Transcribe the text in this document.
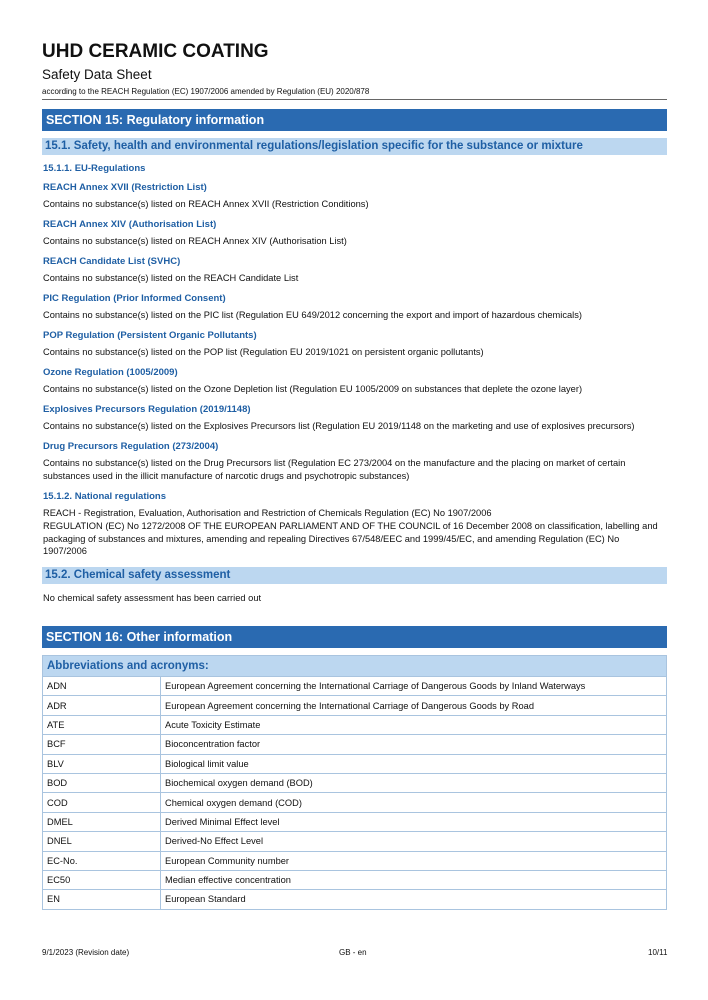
UHD CERAMIC COATING
Safety Data Sheet
according to the REACH Regulation (EC) 1907/2006 amended by Regulation (EU) 2020/878
SECTION 15: Regulatory information
15.1. Safety, health and environmental regulations/legislation specific for the substance or mixture
15.1.1. EU-Regulations
REACH Annex XVII (Restriction List)
Contains no substance(s) listed on REACH Annex XVII (Restriction Conditions)
REACH Annex XIV (Authorisation List)
Contains no substance(s) listed on REACH Annex XIV (Authorisation List)
REACH Candidate List (SVHC)
Contains no substance(s) listed on the REACH Candidate List
PIC Regulation (Prior Informed Consent)
Contains no substance(s) listed on the PIC list (Regulation EU 649/2012 concerning the export and import of hazardous chemicals)
POP Regulation (Persistent Organic Pollutants)
Contains no substance(s) listed on the POP list (Regulation EU 2019/1021 on persistent organic pollutants)
Ozone Regulation (1005/2009)
Contains no substance(s) listed on the Ozone Depletion list (Regulation EU 1005/2009 on substances that deplete the ozone layer)
Explosives Precursors Regulation (2019/1148)
Contains no substance(s) listed on the Explosives Precursors list (Regulation EU 2019/1148 on the marketing and use of explosives precursors)
Drug Precursors Regulation (273/2004)
Contains no substance(s) listed on the Drug Precursors list (Regulation EC 273/2004 on the manufacture and the placing on market of certain substances used in the illicit manufacture of narcotic drugs and psychotropic substances)
15.1.2. National regulations
REACH - Registration, Evaluation, Authorisation and Restriction of Chemicals Regulation (EC) No 1907/2006
REGULATION (EC) No 1272/2008 OF THE EUROPEAN PARLIAMENT AND OF THE COUNCIL of 16 December 2008 on classification, labelling and packaging of substances and mixtures, amending and repealing Directives 67/548/EEC and 1999/45/EC, and amending Regulation (EC) No 1907/2006
15.2. Chemical safety assessment
No chemical safety assessment has been carried out
SECTION 16: Other information
Abbreviations and acronyms:	
ADN	European Agreement concerning the International Carriage of Dangerous Goods by Inland Waterways
ADR	European Agreement concerning the International Carriage of Dangerous Goods by Road
ATE	Acute Toxicity Estimate
BCF	Bioconcentration factor
BLV	Biological limit value
BOD	Biochemical oxygen demand (BOD)
COD	Chemical oxygen demand (COD)
DMEL	Derived Minimal Effect level
DNEL	Derived-No Effect Level
EC-No.	European Community number
EC50	Median effective concentration
EN	European Standard
9/1/2023 (Revision date)	GB - en	10/11
